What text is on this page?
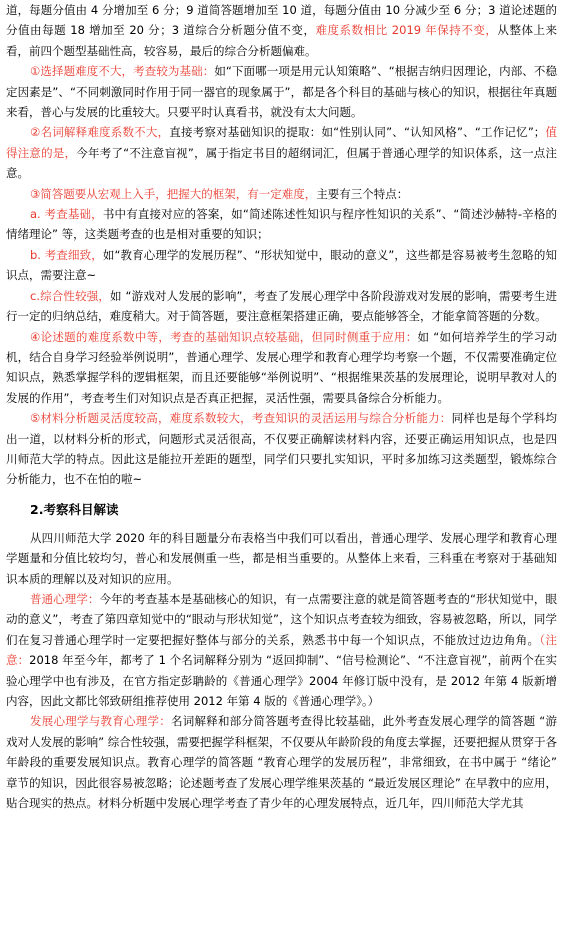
道，每题分值由 4 分增加至 6 分；9 道简答题增加至 10 道，每题分值由 10 分减少至 6 分；3 道论述题的分值由每题 18 增加至 20 分；3 道综合分析题分值不变，难度系数相比 2019 年保持不变，从整体上来看，前四个题型基础性高，较容易，最后的综合分析题偏难。

①选择题难度不大，考查较为基础：如“下面哪一项是用元认知策略”、“根据吉纳归因理论，内部、不稳定因素是”、“不同刺激同时作用于同一器官的现象属于”，都是各个科目的基础与核心的知识，根据往年真题来看，普心与发展的比重较大。只要平时认真看书，就没有太大问题。

②名词解释难度系数不大，直接考察对基础知识的提取：如“性别认同”、“认知风格”、“工作记忆”；值得注意的是，今年考了“不注意盲视”，属于指定书目的超纲词汇，但属于普通心理学的知识体系，这一点注意。

③简答题要从宏观上入手，把握大的框架，有一定难度，主要有三个特点：

a. 考查基础，书中有直接对应的答案，如“简述陈述性知识与程序性知识的关系”、“简述沙赫特-辛格的情绪理论” 等，这类题考查的也是相对重要的知识；

b. 考查细致，如“教育心理学的发展历程”、“形状知觉中，眼动的意义”，这些都是容易被考生忽略的知识点，需要注意~

c.综合性较强，如 “游戏对人发展的影响”，考查了发展心理学中各阶段游戏对发展的影响，需要考生进行一定的归纳总结，难度稍大。对于简答题，要注意框架搭建正确，要点能够答全，才能拿简答题的分数。

④论述题的难度系数中等，考查的基础知识点较基础，但同时侧重于应用：如 “如何培养学生的学习动机，结合自身学习经验举例说明”，普通心理学、发展心理学和教育心理学均考察一个题，不仅需要准确定位知识点，熟悉掌握学科的逻辑框架，而且还要能够“举例说明”、“根据维果茨基的发展理论，说明早教对人的发展的作用”，考查考生们对知识点是否真正把握，灵活性强，需要具备综合分析能力。

⑤材料分析题灵活度较高，难度系数较大，考查知识的灵活运用与综合分析能力：同样也是每个学科均出一道，以材料分析的形式，问题形式灵活很高，不仅要正确解读材料内容，还要正确运用知识点，也是四川师范大学的特点。因此这是能拉开差距的题型，同学们只要扎实知识，平时多加练习这类题型，锻炼综合分析能力，也不在怕的啦~

2.考察科目解读

从四川师范大学 2020 年的科目题量分布表格当中我们可以看出，普通心理学、发展心理学和教育心理学题量和分值比较均匀，普心和发展侧重一些，都是相当重要的。从整体上来看，三科重在考察对于基础知识本质的理解以及对知识的应用。

普通心理学：今年的考查基本是基础核心的知识，有一点需要注意的就是简答题考查的“形状知觉中，眼动的意义”，考查了第四章知觉中的“眼动与形状知觉”，这个知识点考查较为细致，容易被忽略，所以，同学们在复习普通心理学时一定要把握好整体与部分的关系，熟悉书中每一个知识点，不能放过边边角角。（注意：2018 年至今年，都考了 1 个名词解释分别为 “返回抑制”、“信号检测论”、“不注意盲视”，前两个在实验心理学中也有涉及，在官方指定彭聃龄的《普通心理学》2004 年修订版中没有，是 2012 年第 4 版新增内容，因此文都比邻致研组推荐使用 2012 年第 4 版的《普通心理学》。）

发展心理学与教育心理学：名词解释和部分简答题考查得比较基础，此外考查发展心理学的简答题 “游戏对人发展的影响” 综合性较强，需要把握学科框架，不仅要从年龄阶段的角度去掌握，还要把握从贯穿于各年龄段的重要发展知识点。教育心理学的简答题 “教育心理学的发展历程”，非常细致，在书中属于 “绪论” 章节的知识，因此很容易被忽略；论述题考查了发展心理学维果茨基的 “最近发展区理论” 在早教中的应用，贴合现实的热点。材料分析题中发展心理学考查了青少年的心理发展特点，近几年，四川师范大学尤其
